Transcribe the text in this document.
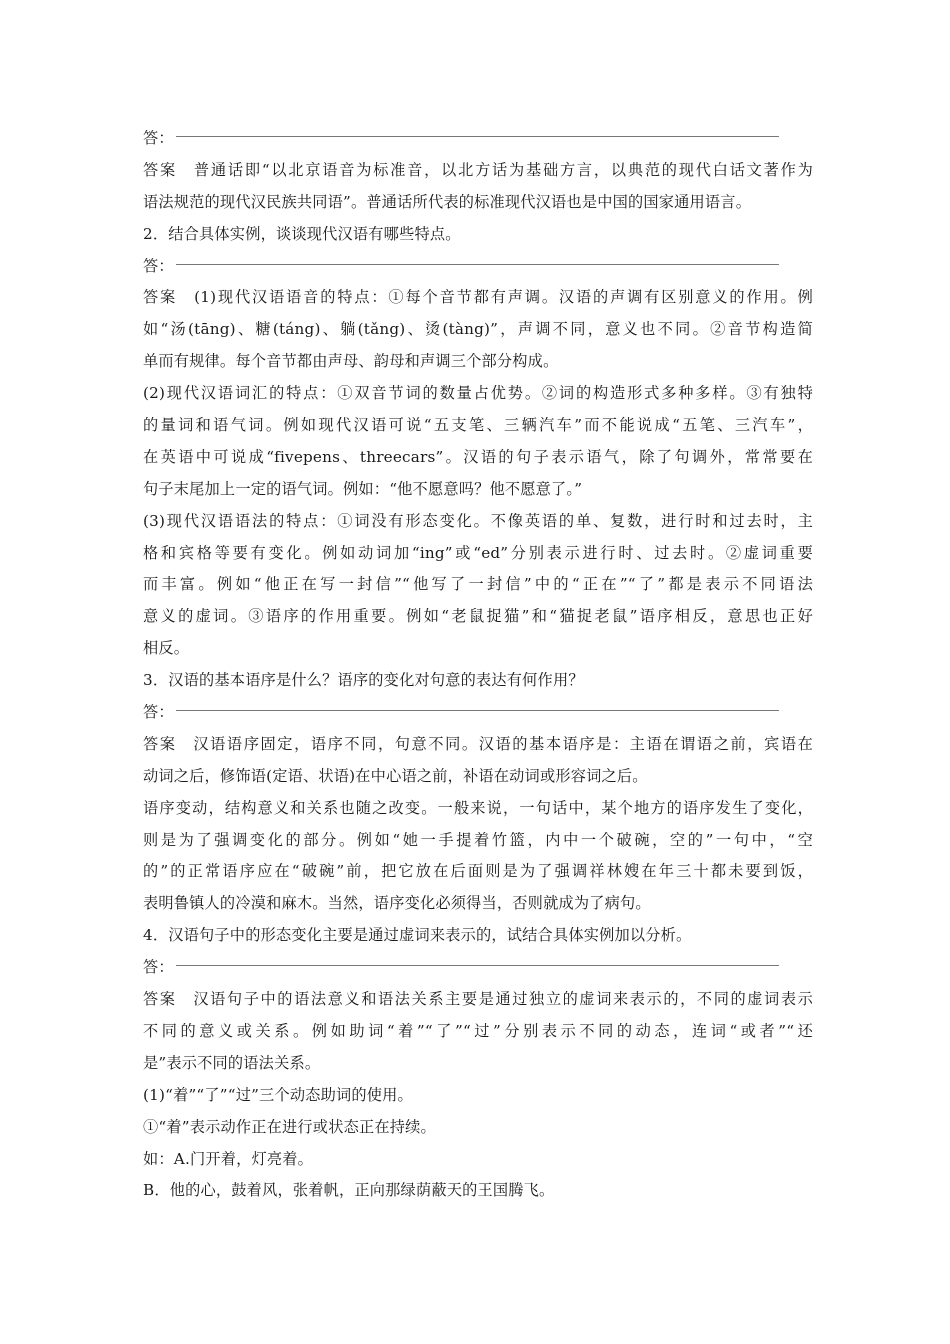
答：
答案　普通话即“以北京语音为标准音，以北方话为基础方言，以典范的现代白话文著作为
语法规范的现代汉民族共同语”。普通话所代表的标准现代汉语也是中国的国家通用语言。
2．结合具体实例，谈谈现代汉语有哪些特点。
答：
答案　(1)现代汉语语音的特点：①每个音节都有声调。汉语的声调有区别意义的作用。例
如“汤(tāng)、糖(táng)、躺(tǎng)、烫(tàng)”，声调不同，意义也不同。②音节构造简
单而有规律。每个音节都由声母、韵母和声调三个部分构成。
(2)现代汉语词汇的特点：①双音节词的数量占优势。②词的构造形式多种多样。③有独特
的量词和语气词。例如现代汉语可说“五支笔、三辆汽车”而不能说成“五笔、三汽车”，
在英语中可说成“fivepens、threecars”。汉语的句子表示语气，除了句调外，常常要在
句子末尾加上一定的语气词。例如：“他不愿意吗？他不愿意了。”
(3)现代汉语语法的特点：①词没有形态变化。不像英语的单、复数，进行时和过去时，主
格和宾格等要有变化。例如动词加“ing”或“ed”分别表示进行时、过去时。②虚词重要
而丰富。例如“他正在写一封信”“他写了一封信”中的“正在”“了”都是表示不同语法
意义的虚词。③语序的作用重要。例如“老鼠捉猫”和“猫捉老鼠”语序相反，意思也正好
相反。
3．汉语的基本语序是什么？语序的变化对句意的表达有何作用？
答：
答案　汉语语序固定，语序不同，句意不同。汉语的基本语序是：主语在谓语之前，宾语在
动词之后，修饰语(定语、状语)在中心语之前，补语在动词或形容词之后。
语序变动，结构意义和关系也随之改变。一般来说，一句话中，某个地方的语序发生了变化，
则是为了强调变化的部分。例如“她一手提着竹篮，内中一个破碗，空的”一句中，“空
的”的正常语序应在“破碗”前，把它放在后面则是为了强调祥林嫂在年三十都未要到饭，
表明鲁镇人的冷漠和麻木。当然，语序变化必须得当，否则就成为了病句。
4．汉语句子中的形态变化主要是通过虚词来表示的，试结合具体实例加以分析。
答：
答案　汉语句子中的语法意义和语法关系主要是通过独立的虚词来表示的，不同的虚词表示
不同的意义或关系。例如助词“着”“了”“过”分别表示不同的动态，连词“或者”“还
是”表示不同的语法关系。
(1)“着”“了”“过”三个动态助词的使用。
①“着”表示动作正在进行或状态正在持续。
如：A.门开着，灯亮着。
B．他的心，鼓着风，张着帆，正向那绿荫蔽天的王国腾飞。
